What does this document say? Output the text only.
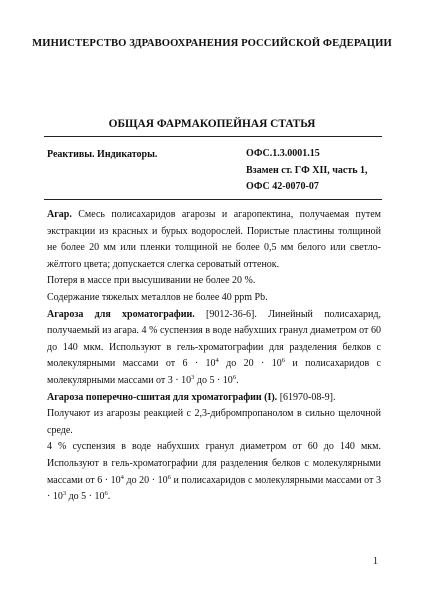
МИНИСТЕРСТВО ЗДРАВООХРАНЕНИЯ РОССИЙСКОЙ ФЕДЕРАЦИИ
ОБЩАЯ ФАРМАКОПЕЙНАЯ СТАТЬЯ
Реактивы. Индикаторы.	ОФС.1.3.0001.15
Взамен ст. ГФ XII, часть 1,
ОФС 42-0070-07

Агар. Смесь полисахаридов агарозы и агаропектина, получаемая путем экстракции из красных и бурых водорослей. Пористые пластины толщиной не более 20 мм или пленки толщиной не более 0,5 мм белого или светло-жёлтого цвета; допускается слегка сероватый оттенок.

Потеря в массе при высушивании не более 20 %.

Содержание тяжелых металлов не более 40 ppm Pb.

Агароза для хроматографии. [9012-36-6]. Линейный полисахарид, получаемый из агара. 4 % суспензия в воде набухших гранул диаметром от 60 до 140 мкм. Используют в гель-хроматографии для разделения белков с молекулярными массами от $6 \cdot 10^4$ до $20 \cdot 10^6$ и полисахаридов с молекулярными массами от $3 \cdot 10^3$ до $5 \cdot 10^6$.

Агароза поперечно-сшитая для хроматографии (I). [61970-08-9].

Получают из агарозы реакцией с 2,3-дибромпропанолом в сильно щелочной среде.

4 % суспензия в воде набухших гранул диаметром от 60 до 140 мкм. Используют в гель-хроматографии для разделения белков с молекулярными массами от $6 \cdot 10^4$ до $20 \cdot 10^6$ и полисахаридов с молекулярными массами от $3 \cdot 10^3$ до $5 \cdot 10^6$.

1
